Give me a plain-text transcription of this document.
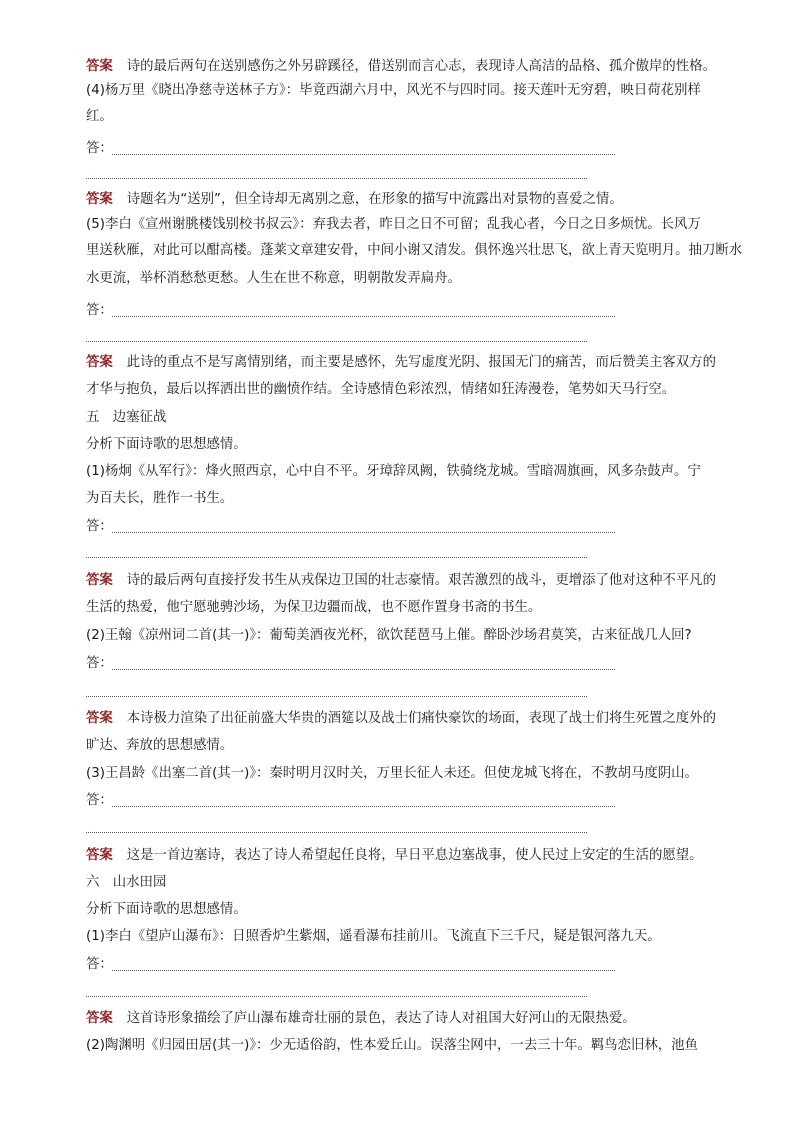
答案 诗的最后两句在送别感伤之外另辟蹊径，借送别而言心志，表现诗人高洁的品格、孤介傲岸的性格。
(4)杨万里《晓出净慈寺送林子方》：毕竟西湖六月中，风光不与四时同。接天莲叶无穷碧，映日荷花别样
红。
答：
答案 诗题名为“送别”，但全诗却无离别之意，在形象的描写中流露出对景物的喜爱之情。
(5)李白《宣州谢朓楼饯别校书叔云》：弃我去者，昨日之日不可留；乱我心者，今日之日多烦忧。长风万
里送秋雁，对此可以酣高楼。蓬莱文章建安骨，中间小谢又清发。俱怀逸兴壮思飞，欲上青天览明月。抽刀断水
水更流，举杯消愁愁更愁。人生在世不称意，明朝散发弄扁舟。
答：
答案 此诗的重点不是写离情别绪，而主要是感怀，先写虚度光阴、报国无门的痛苦，而后赞美主客双方的
才华与抱负，最后以挥洒出世的幽愤作结。全诗感情色彩浓烈，情绪如狂涛漫卷，笔势如天马行空。
五　边塞征战
分析下面诗歌的思想感情。
(1)杨炯《从军行》：烽火照西京，心中自不平。牙璋辞凤阙，铁骑绕龙城。雪暗凋旗画，风多杂鼓声。宁
为百夫长，胜作一书生。
答：
答案 诗的最后两句直接抒发书生从戎保边卫国的壮志豪情。艰苦激烈的战斗，更增添了他对这种不平凡的
生活的热爱，他宁愿驰骋沙场，为保卫边疆而战，也不愿作置身书斋的书生。
(2)王翰《凉州词二首(其一)》：葡萄美酒夜光杯，欲饮琵琶马上催。醉卧沙场君莫笑，古来征战几人回?
答：
答案 本诗极力渲染了出征前盛大华贵的酒筵以及战士们痛快豪饮的场面，表现了战士们将生死置之度外的
旷达、奔放的思想感情。
(3)王昌龄《出塞二首(其一)》：秦时明月汉时关，万里长征人未还。但使龙城飞将在，不教胡马度阴山。
答：
答案 这是一首边塞诗，表达了诗人希望起任良将，早日平息边塞战事，使人民过上安定的生活的愿望。
六　山水田园
分析下面诗歌的思想感情。
(1)李白《望庐山瀑布》：日照香炉生紫烟，遥看瀑布挂前川。飞流直下三千尺，疑是银河落九天。
答：
答案 这首诗形象描绘了庐山瀑布雄奇壮丽的景色，表达了诗人对祖国大好河山的无限热爱。
(2)陶渊明《归园田居(其一)》：少无适俗韵，性本爱丘山。误落尘网中，一去三十年。羁鸟恋旧林，池鱼
